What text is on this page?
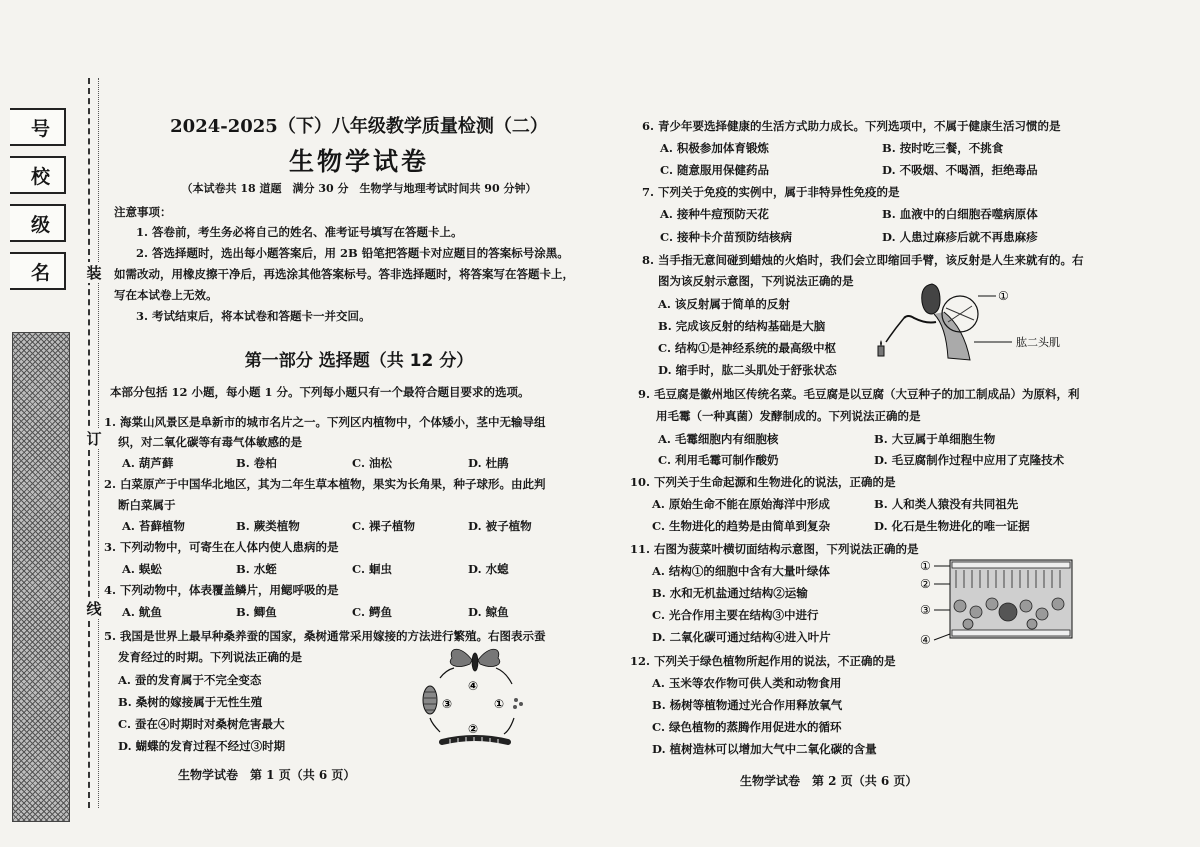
号
校
级
名 装
订
线
2024-2025（下）八年级教学质量检测（二）
生物学试卷
（本试卷共 18 道题　满分 30 分　生物学与地理考试时间共 90 分钟）
注意事项：
1. 答卷前，考生务必将自己的姓名、准考证号填写在答题卡上。
2. 答选择题时，选出每小题答案后，用 2B 铅笔把答题卡对应题目的答案标号涂黑。
如需改动，用橡皮擦干净后，再选涂其他答案标号。答非选择题时，将答案写在答题卡上，
写在本试卷上无效。
3. 考试结束后，将本试卷和答题卡一并交回。
第一部分 选择题（共 12 分）
本部分包括 12 小题，每小题 1 分。下列每小题只有一个最符合题目要求的选项。
1. 海棠山风景区是阜新市的城市名片之一。下列区内植物中，个体矮小，茎中无输导组
织，对二氧化碳等有毒气体敏感的是
A. 葫芦藓	B. 卷柏	C. 油松	D. 杜鹃
2. 白菜原产于中国华北地区，其为二年生草本植物，果实为长角果，种子球形。由此判
断白菜属于
A. 苔藓植物	B. 蕨类植物	C. 裸子植物	D. 被子植物
3. 下列动物中，可寄生在人体内使人患病的是
A. 蜈蚣	B. 水蛭	C. 蛔虫	D. 水螅
4. 下列动物中，体表覆盖鳞片，用鳃呼吸的是
A. 鱿鱼	B. 鲫鱼	C. 鳄鱼	D. 鲸鱼
5. 我国是世界上最早种桑养蚕的国家，桑树通常采用嫁接的方法进行繁殖。右图表示蚕
发育经过的时期。下列说法正确的是
A. 蚕的发育属于不完全变态
B. 桑树的嫁接属于无性生殖
C. 蚕在④时期时对桑树危害最大
D. 蝴蝶的发育过程不经过③时期
④
③
②
①
生物学试卷　第 1 页（共 6 页）
6. 青少年要选择健康的生活方式助力成长。下列选项中，不属于健康生活习惯的是
A. 积极参加体育锻炼	B. 按时吃三餐，不挑食
C. 随意服用保健药品	D. 不吸烟、不喝酒，拒绝毒品
7. 下列关于免疫的实例中，属于非特异性免疫的是
A. 接种牛痘预防天花	B. 血液中的白细胞吞噬病原体
C. 接种卡介苗预防结核病	D. 人患过麻疹后就不再患麻疹
8. 当手指无意间碰到蜡烛的火焰时，我们会立即缩回手臂，该反射是人生来就有的。右
图为该反射示意图，下列说法正确的是
A. 该反射属于简单的反射
B. 完成该反射的结构基础是大脑
C. 结构①是神经系统的最高级中枢
D. 缩手时，肱二头肌处于舒张状态
①
肱二头肌
9. 毛豆腐是徽州地区传统名菜。毛豆腐是以豆腐（大豆种子的加工制成品）为原料，利
用毛霉（一种真菌）发酵制成的。下列说法正确的是
A. 毛霉细胞内有细胞核	B. 大豆属于单细胞生物
C. 利用毛霉可制作酸奶	D. 毛豆腐制作过程中应用了克隆技术
10. 下列关于生命起源和生物进化的说法，正确的是
A. 原始生命不能在原始海洋中形成	B. 人和类人猿没有共同祖先
C. 生物进化的趋势是由简单到复杂	D. 化石是生物进化的唯一证据
11. 右图为菠菜叶横切面结构示意图，下列说法正确的是
A. 结构①的细胞中含有大量叶绿体
B. 水和无机盐通过结构②运输
C. 光合作用主要在结构③中进行
D. 二氧化碳可通过结构④进入叶片
①
②
③
④
12. 下列关于绿色植物所起作用的说法，不正确的是
A. 玉米等农作物可供人类和动物食用
B. 杨树等植物通过光合作用释放氧气
C. 绿色植物的蒸腾作用促进水的循环
D. 植树造林可以增加大气中二氧化碳的含量
生物学试卷　第 2 页（共 6 页）
